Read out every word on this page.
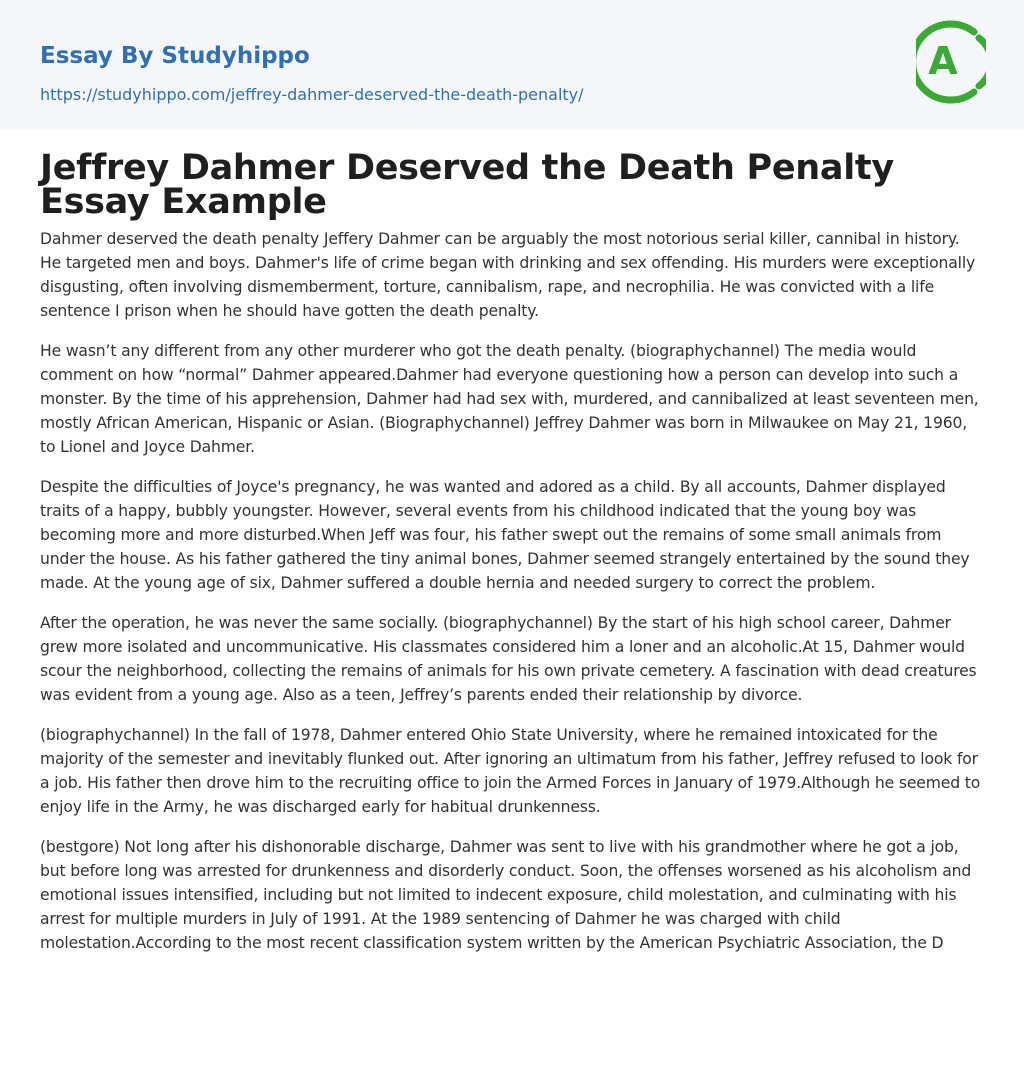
Essay By Studyhippo
https://studyhippo.com/jeffrey-dahmer-deserved-the-death-penalty/
A
Jeffrey Dahmer Deserved the Death Penalty Essay Example

Dahmer deserved the death penalty Jeffery Dahmer can be arguably the most notorious serial killer, cannibal in history. He targeted men and boys. Dahmer's life of crime began with drinking and sex offending. His murders were exceptionally disgusting, often involving dismemberment, torture, cannibalism, rape, and necrophilia. He was convicted with a life sentence I prison when he should have gotten the death penalty.

He wasn’t any different from any other murderer who got the death penalty. (biographychannel) The media would comment on how “normal” Dahmer appeared.Dahmer had everyone questioning how a person can develop into such a monster. By the time of his apprehension, Dahmer had had sex with, murdered, and cannibalized at least seventeen men, mostly African American, Hispanic or Asian. (Biographychannel) Jeffrey Dahmer was born in Milwaukee on May 21, 1960, to Lionel and Joyce Dahmer.

Despite the difficulties of Joyce's pregnancy, he was wanted and adored as a child. By all accounts, Dahmer displayed traits of a happy, bubbly youngster. However, several events from his childhood indicated that the young boy was becoming more and more disturbed.When Jeff was four, his father swept out the remains of some small animals from under the house. As his father gathered the tiny animal bones, Dahmer seemed strangely entertained by the sound they made. At the young age of six, Dahmer suffered a double hernia and needed surgery to correct the problem.

After the operation, he was never the same socially. (biographychannel) By the start of his high school career, Dahmer grew more isolated and uncommunicative. His classmates considered him a loner and an alcoholic.At 15, Dahmer would scour the neighborhood, collecting the remains of animals for his own private cemetery. A fascination with dead creatures was evident from a young age. Also as a teen, Jeffrey’s parents ended their relationship by divorce.

(biographychannel) In the fall of 1978, Dahmer entered Ohio State University, where he remained intoxicated for the majority of the semester and inevitably flunked out. After ignoring an ultimatum from his father, Jeffrey refused to look for a job. His father then drove him to the recruiting office to join the Armed Forces in January of 1979.Although he seemed to enjoy life in the Army, he was discharged early for habitual drunkenness.

(bestgore) Not long after his dishonorable discharge, Dahmer was sent to live with his grandmother where he got a job, but before long was arrested for drunkenness and disorderly conduct. Soon, the offenses worsened as his alcoholism and emotional issues intensified, including but not limited to indecent exposure, child molestation, and culminating with his arrest for multiple murders in July of 1991. At the 1989 sentencing of Dahmer he was charged with child molestation.According to the most recent classification system written by the American Psychiatric Association, the D
